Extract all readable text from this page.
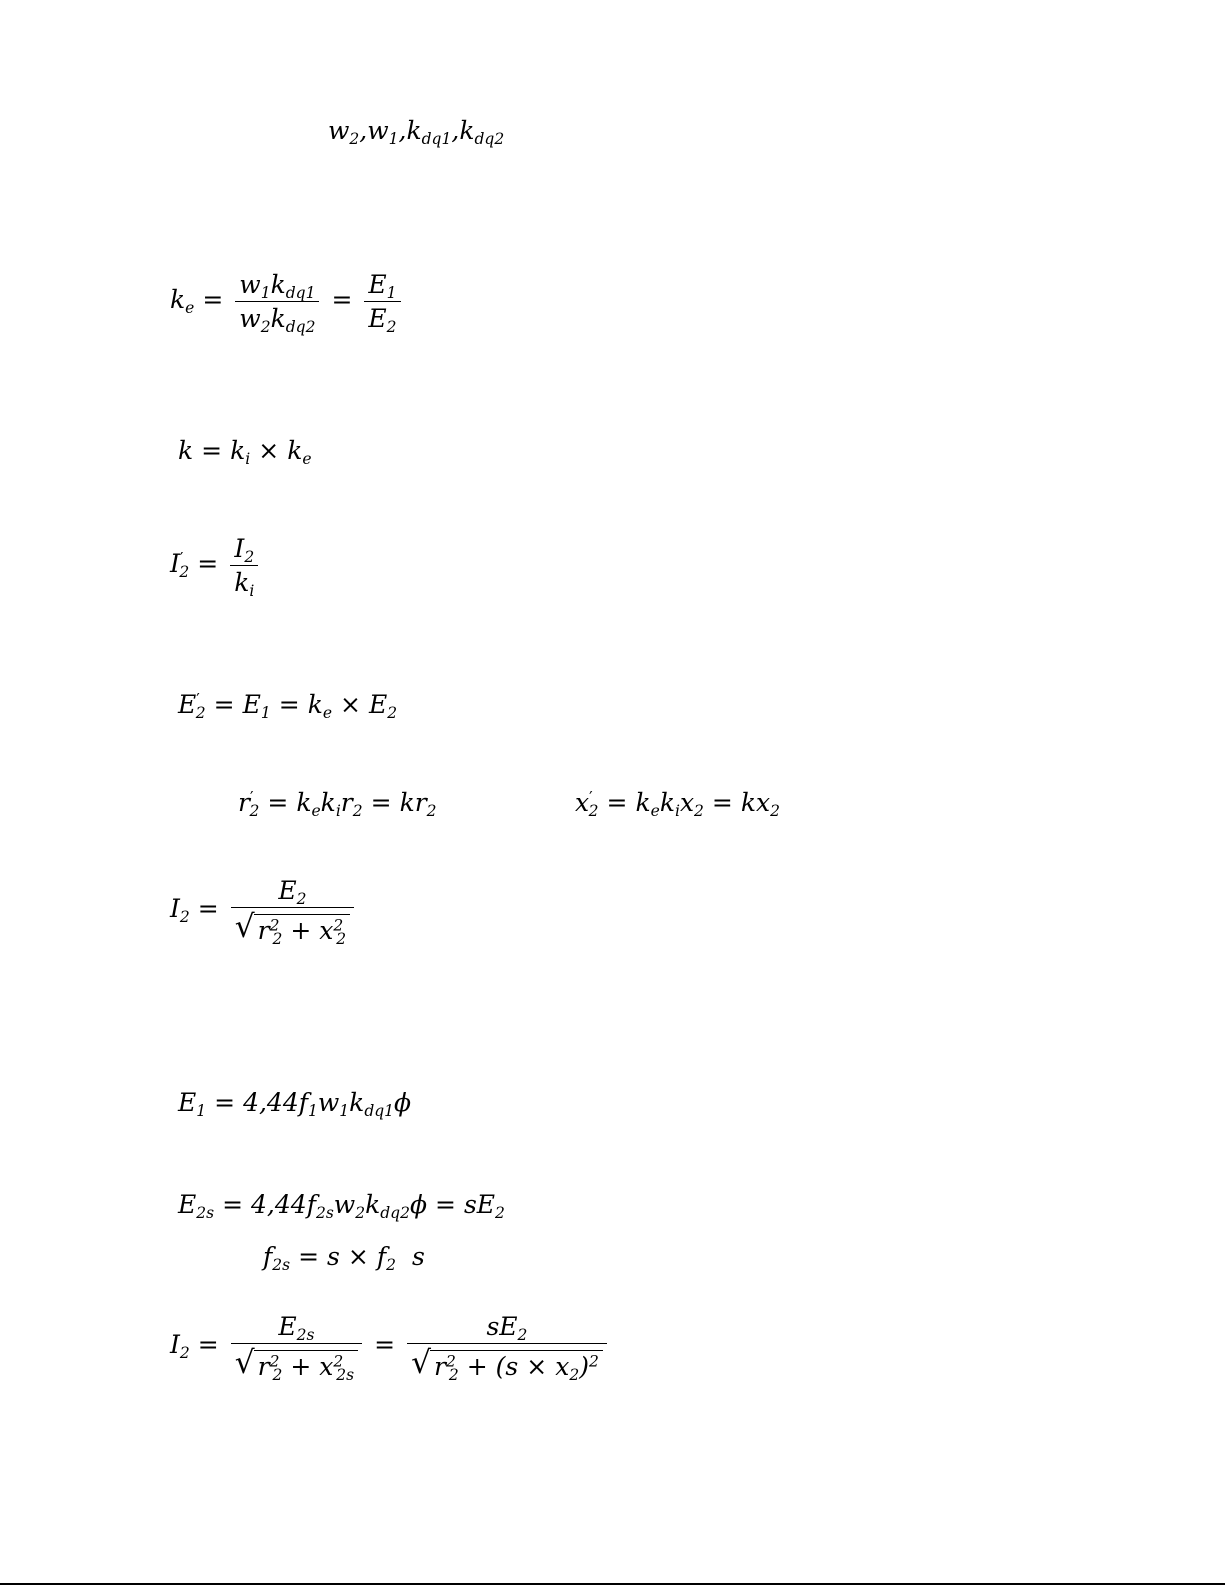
$w_2,w_1,k_{dq1},k_{dq2}$
$k_e = \frac{w_1k_{dq1}}{w_2k_{dq2}} = \frac{E_1}{E_2}$
$k = k_i \times k_e$
$I'_2 = \frac{I_2}{k_i}$
$E'_2 = E_1 = k_e \times E_2$
$r'_2 = k_ek_ir_2 = kr_2$	$x'_2 = k_ek_ix_2 = kx_2$
$I_2 = \frac{E_2}{√ r^2_2 + x^2_2}$
$E_1 = 4,44f_1w_1k_{dq1}\phi$
$E_{2s} = 4,44f_{2s}w_2k_{dq2}\phi = sE_2$
$f_{2s} = s \times f_2$ s
$I_2 = \frac{E_{2s}}{√ r^2_2 + x^2_{2s}} = \frac{sE_2}{√ r^2_2 + (s \times x_2)^2}$
